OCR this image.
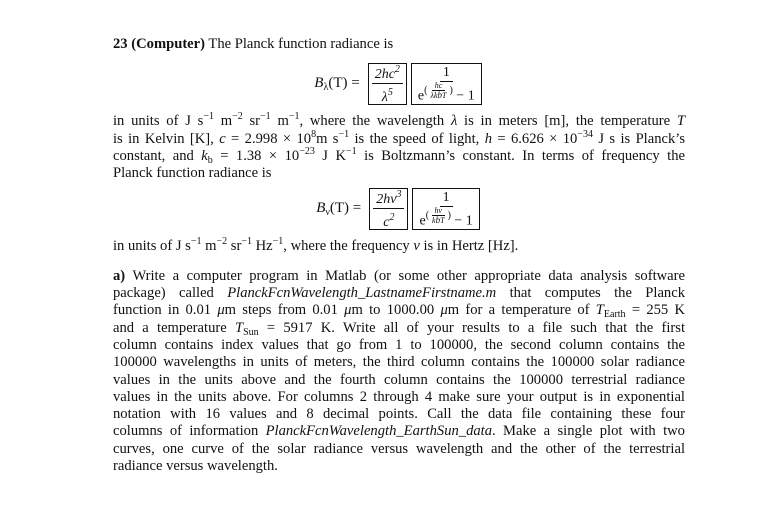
23 (Computer) The Planck function radiance is
$B_\lambda(T) = \frac{2hc^2}{\lambda^5} 1$
$e^{( \frac{hc}{\text{λkbT}} )} - 1$
in units of J $s^{-1}$ $m^{-2}$ $sr^{-1}$ $m^{-1}$, where the wavelength λ is in meters [m], the temperature T
is in Kelvin [K], $c = 2.998 \times 10^8m$ $s^{-1}$ is the speed of light, $h = 6.626 \times 10^{-34}$ J s is Planck’s
constant, and $k_b = 1.38 \times 10^{-23}$ J $K^{-1}$ is Boltzmann’s constant. In terms of frequency the
Planck function radiance is
$B_\nu(T) = \frac{2h\nu^3}{c^2} 1$
$e^{( \frac{h\nu}{\text{kbT}} )} - 1$
in units of J $s^{-1}$ $m^{-2}$ $sr^{-1}$ $Hz^{-1}$, where the frequency ν is in Hertz [Hz].
a) Write a computer program in Matlab (or some other appropriate data analysis software
package) called PlanckFcnWavelength_LastnameFirstname.m that computes the Planck
function in 0.01 μm steps from 0.01 μm to 1000.00 μm for a temperature of $T_{Earth} = 255$ K
and a temperature $T_{Sun} = 5917$ K. Write all of your results to a file such that the first
column contains index values that go from 1 to 100000, the second column contains the
100000 wavelengths in units of meters, the third column contains the 100000 solar radiance
values in the units above and the fourth column contains the 100000 terrestrial radiance
values in the units above. For columns 2 through 4 make sure your output is in exponential
notation with 16 values and 8 decimal points. Call the data file containing these four
columns of information PlanckFcnWavelength_EarthSun_data. Make a single plot with two
curves, one curve of the solar radiance versus wavelength and the other of the terrestrial
radiance versus wavelength.
